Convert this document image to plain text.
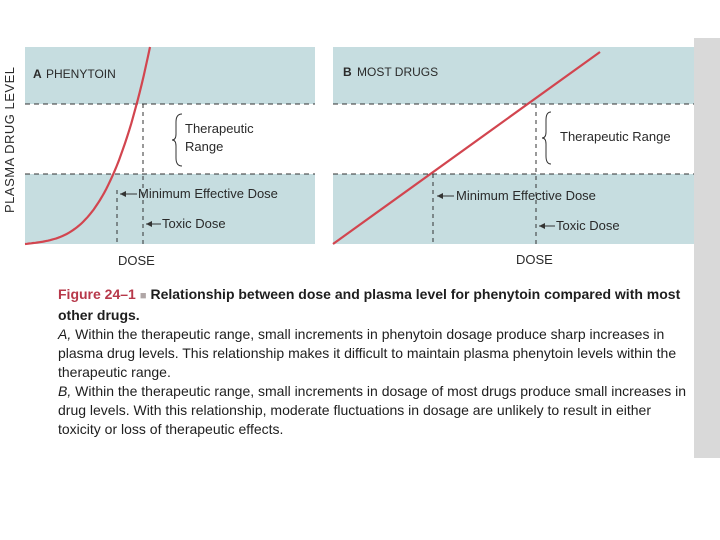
PLASMA DRUG LEVEL A PHENYTOIN
Therapeutic
Range
Minimum Effective Dose
Toxic Dose
DOSE
B MOST DRUGS
Therapeutic Range
Minimum Effective Dose
Toxic Dose
DOSE

Figure 24–1 ■ Relationship between dose and plasma level for phenytoin compared with most other drugs.

A, Within the therapeutic range, small increments in phenytoin dosage produce sharp increases in plasma drug levels. This relationship makes it difficult to maintain plasma phenytoin levels within the therapeutic range.

B, Within the therapeutic range, small increments in dosage of most drugs produce small increases in drug levels. With this relationship, moderate fluctuations in dosage are unlikely to result in either toxicity or loss of therapeutic effects.
